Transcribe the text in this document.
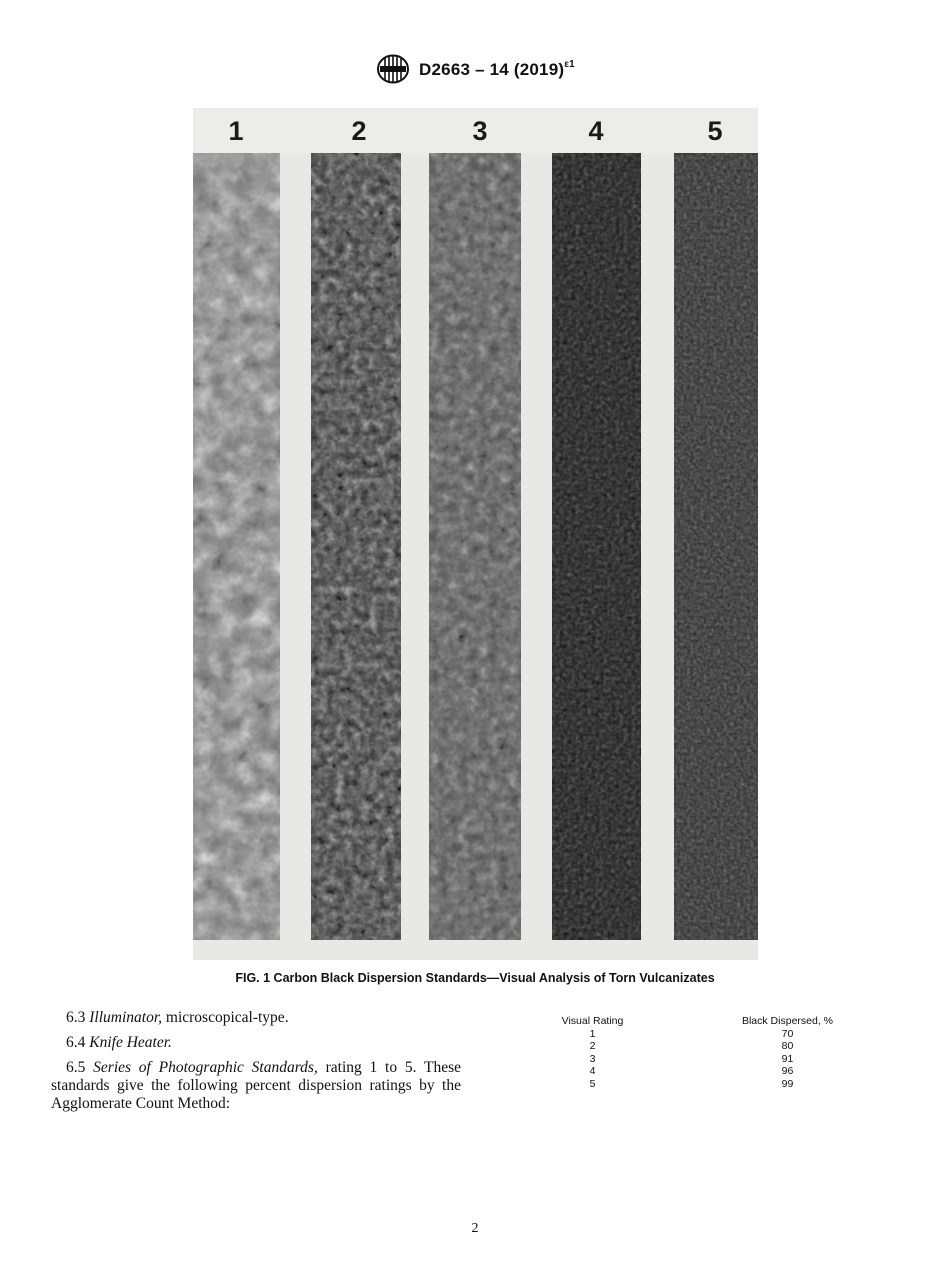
D2663 – 14 $(2019)^{\varepsilon 1}$
1	2	3	4	5
FIG. 1 Carbon Black Dispersion Standards—Visual Analysis of Torn Vulcanizates

6.3 Illuminator, microscopical-type.

6.4 Knife Heater.

6.5 Series of Photographic Standards, rating 1 to 5. These standards give the following percent dispersion ratings by the Agglomerate Count Method:

Visual Rating	Black Dispersed, %
1	70
2	80
3	91
4	96
5	99
2
